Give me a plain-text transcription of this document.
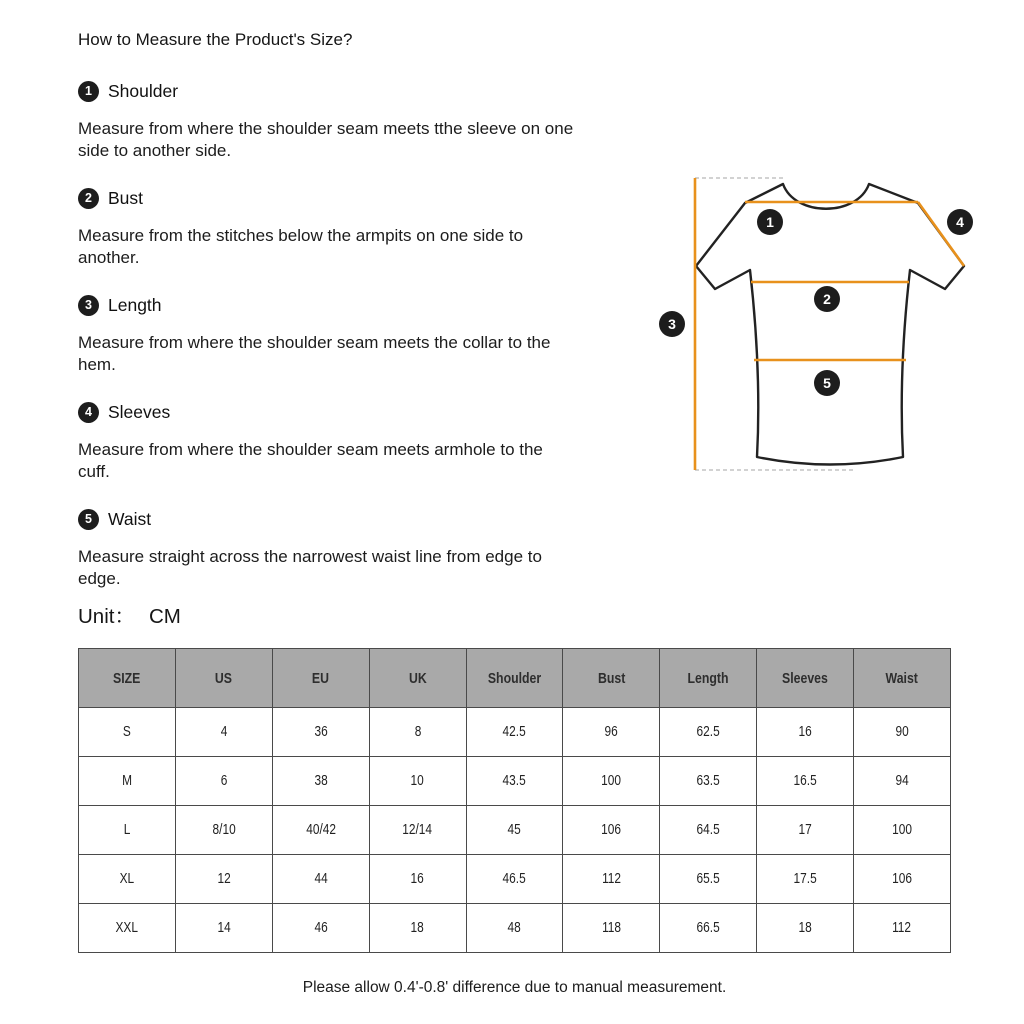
How to Measure the Product's Size?
1 Shoulder
Measure from where the shoulder seam meets tthe sleeve on one
side to another side.
2 Bust
Measure from the stitches below the armpits on one side to
another.
3 Length
Measure from where the shoulder seam meets the collar to the
hem.
4 Sleeves
Measure from where the shoulder seam meets armhole to the
cuff.
5 Waist
Measure straight across the narrowest waist line from edge to
edge.
Unit： CM
SIZE	US	EU	UK	Shoulder	Bust	Length	Sleeves	Waist
S	4	36	8	42.5	96	62.5	16	90
M	6	38	10	43.5	100	63.5	16.5	94
L	8/10	40/42	12/14	45	106	64.5	17	100
XL	12	44	16	46.5	112	65.5	17.5	106
XXL	14	46	18	48	118	66.5	18	112
Please allow 0.4'-0.8' difference due to manual measurement.
1
2
3
4
5
